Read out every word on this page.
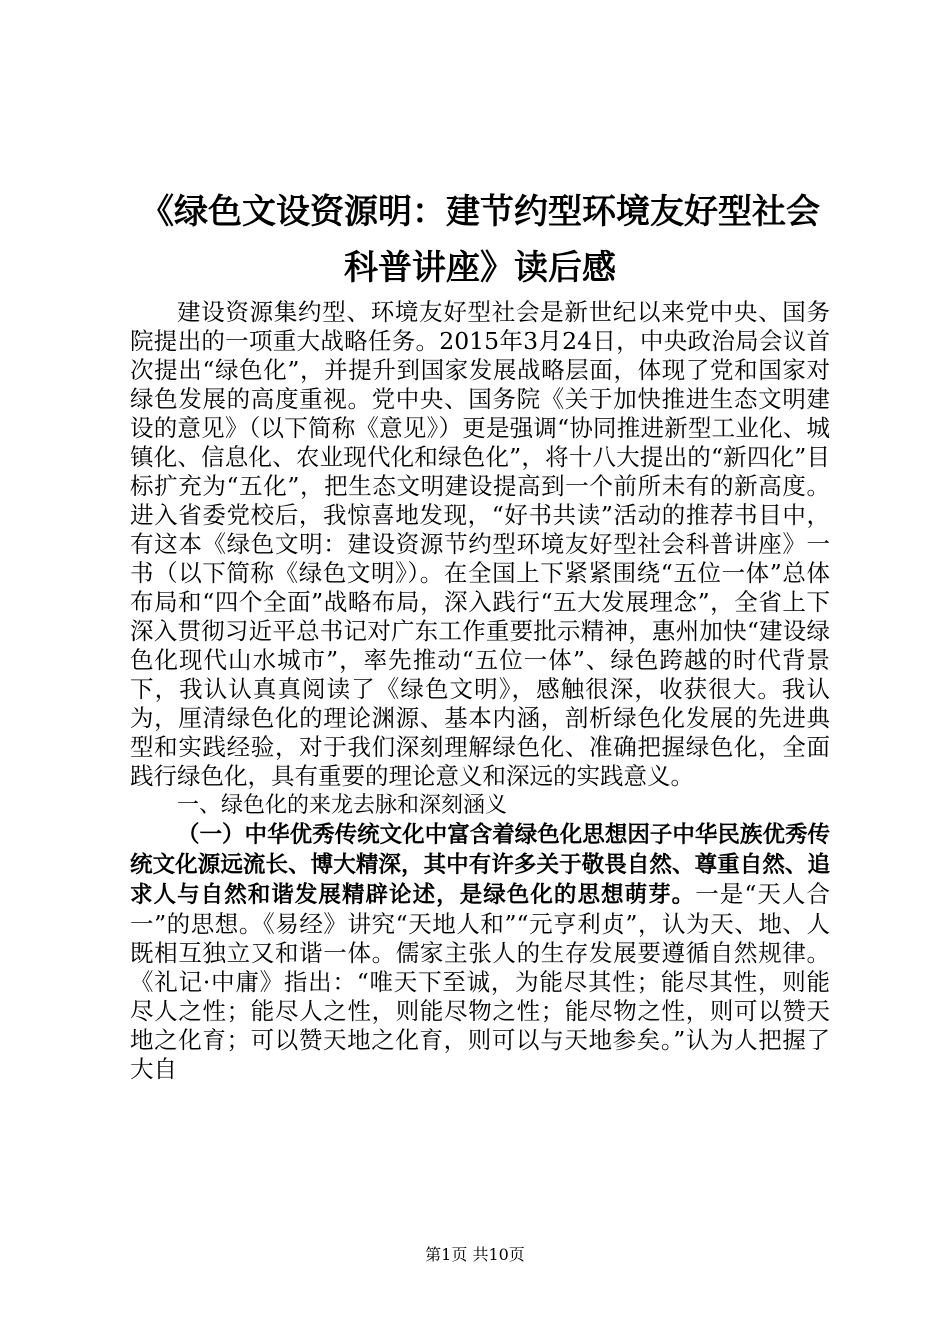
《绿色文设资源明：建节约型环境友好型社会
科普讲座》读后感

建设资源集约型、环境友好型社会是新世纪以来党中央、国务院提出的一项重大战略任务。2015年3月24日，中央政治局会议首次提出“绿色化”，并提升到国家发展战略层面，体现了党和国家对绿色发展的高度重视。党中央、国务院《关于加快推进生态文明建设的意见》（以下简称《意见》）更是强调“协同推进新型工业化、城镇化、信息化、农业现代化和绿色化”，将十八大提出的“新四化”目标扩充为“五化”，把生态文明建设提高到一个前所未有的新高度。进入省委党校后，我惊喜地发现，“好书共读”活动的推荐书目中，有这本《绿色文明：建设资源节约型环境友好型社会科普讲座》一书（以下简称《绿色文明》）。在全国上下紧紧围绕“五位一体”总体布局和“四个全面”战略布局，深入践行“五大发展理念”，全省上下深入贯彻习近平总书记对广东工作重要批示精神，惠州加快“建设绿色化现代山水城市”，率先推动“五位一体”、绿色跨越的时代背景下，我认认真真阅读了《绿色文明》，感触很深，收获很大。我认为，厘清绿色化的理论渊源、基本内涵，剖析绿色化发展的先进典型和实践经验，对于我们深刻理解绿色化、准确把握绿色化，全面践行绿色化，具有重要的理论意义和深远的实践意义。

一、绿色化的来龙去脉和深刻涵义

（一）中华优秀传统文化中富含着绿色化思想因子中华民族优秀传统文化源远流长、博大精深，其中有许多关于敬畏自然、尊重自然、追求人与自然和谐发展精辟论述，是绿色化的思想萌芽。一是“天人合一”的思想。《易经》讲究“天地人和”“元亨利贞”，认为天、地、人既相互独立又和谐一体。儒家主张人的生存发展要遵循自然规律。《礼记·中庸》指出：“唯天下至诚，为能尽其性；能尽其性，则能尽人之性；能尽人之性，则能尽物之性；能尽物之性，则可以赞天地之化育；可以赞天地之化育，则可以与天地参矣。”认为人把握了大自

第1页 共10页
